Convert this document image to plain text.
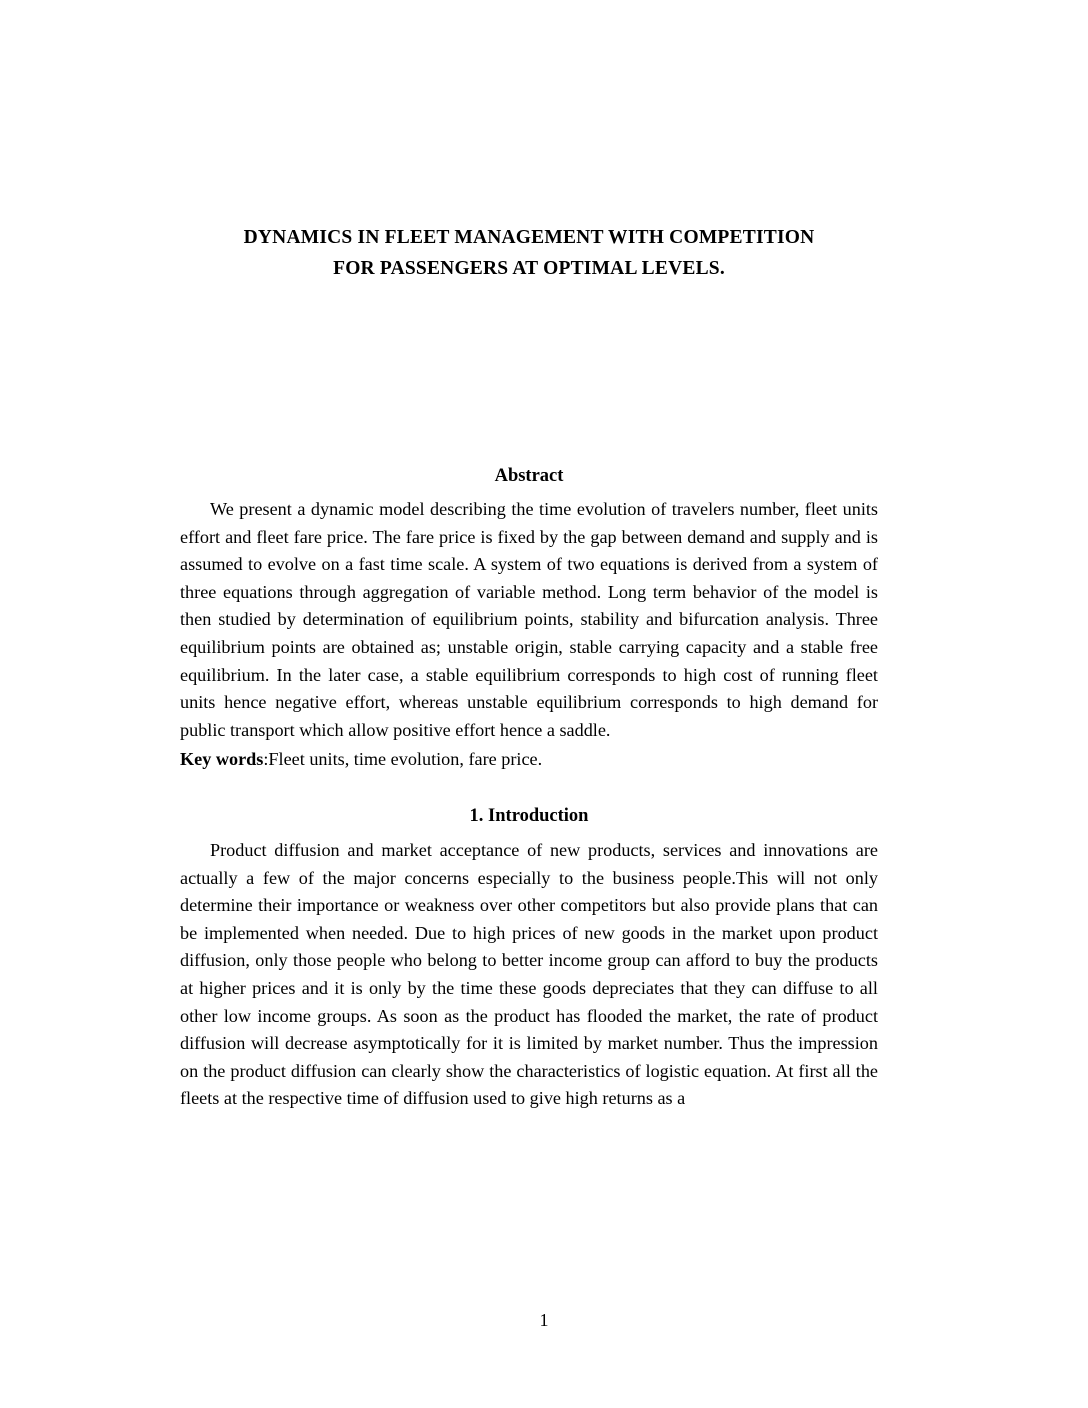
DYNAMICS IN FLEET MANAGEMENT WITH COMPETITION
FOR PASSENGERS AT OPTIMAL LEVELS.
Abstract

We present a dynamic model describing the time evolution of travelers number, fleet units effort and fleet fare price. The fare price is fixed by the gap between demand and supply and is assumed to evolve on a fast time scale. A system of two equations is derived from a system of three equations through aggregation of variable method. Long term behavior of the model is then studied by determination of equilibrium points, stability and bifurcation analysis. Three equilibrium points are obtained as; unstable origin, stable carrying capacity and a stable free equilibrium. In the later case, a stable equilibrium corresponds to high cost of running fleet units hence negative effort, whereas unstable equilibrium corresponds to high demand for public transport which allow positive effort hence a saddle.

Key words:Fleet units, time evolution, fare price.
1. Introduction

Product diffusion and market acceptance of new products, services and innovations are actually a few of the major concerns especially to the business people.This will not only determine their importance or weakness over other competitors but also provide plans that can be implemented when needed. Due to high prices of new goods in the market upon product diffusion, only those people who belong to better income group can afford to buy the products at higher prices and it is only by the time these goods depreciates that they can diffuse to all other low income groups. As soon as the product has flooded the market, the rate of product diffusion will decrease asymptotically for it is limited by market number. Thus the impression on the product diffusion can clearly show the characteristics of logistic equation. At first all the fleets at the respective time of diffusion used to give high returns as a

1
